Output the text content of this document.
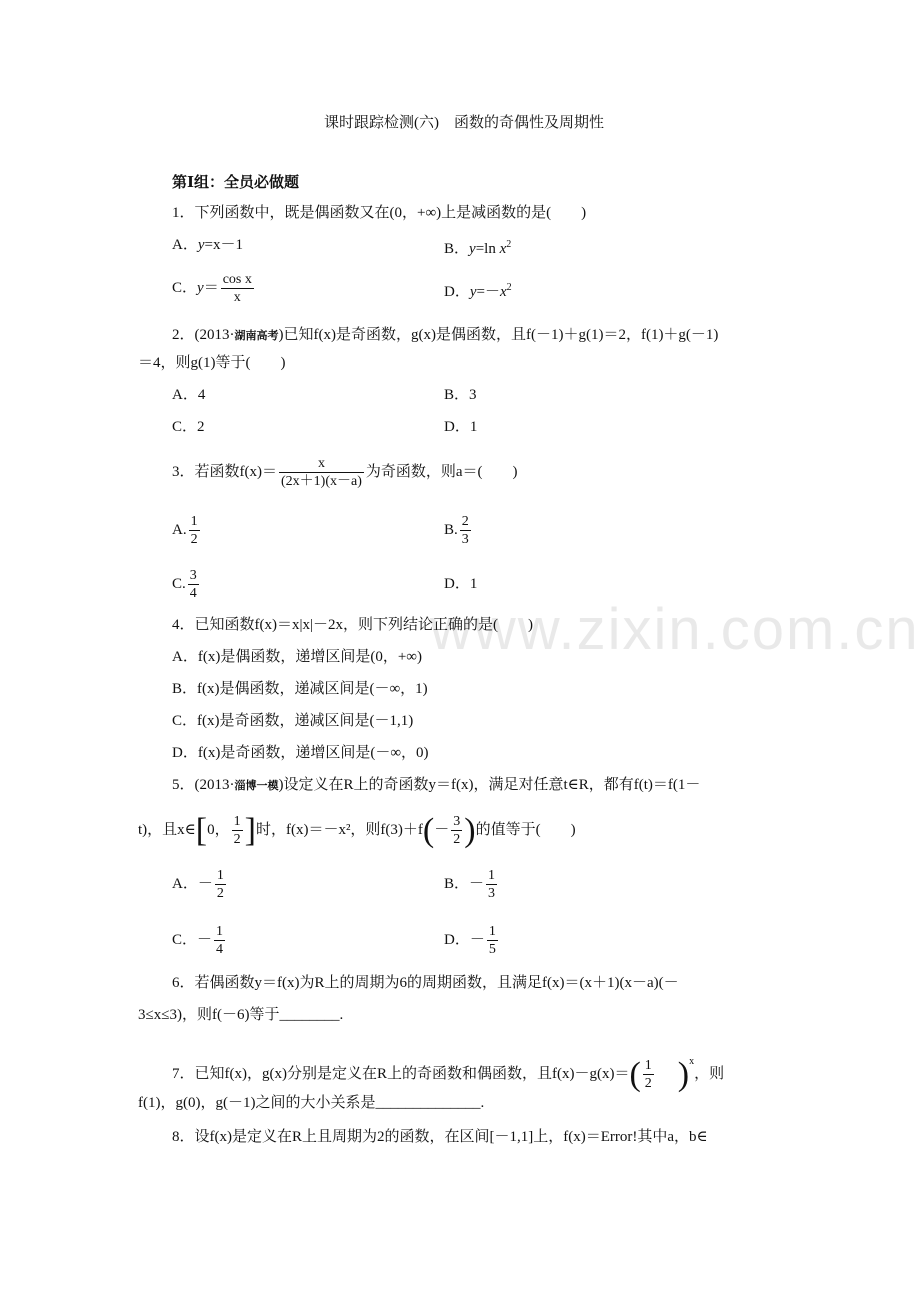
www.zixin.com.cn
课时跟踪检测(六)　函数的奇偶性及周期性
第Ⅰ组：全员必做题
1．下列函数中，既是偶函数又在(0，+∞)上是减函数的是(　　)
A．y=x－1	B．y=ln $x^2$
C．$y= \frac{\text{cos x}}{x}$	D．$y=-x^2$
2．(2013·湖南高考)已知f(x)是奇函数，g(x)是偶函数，且f(－1)＋g(1)＝2，f(1)＋g(－1)
＝4，则g(1)等于(　　)
A．4	B．3
C．2	D．1
3．若函数$f(x)= \frac{x}{(2x+1)(x-a)}$ 为奇函数，则a＝(　　)
A. $\frac{1}{2}$	B. $\frac{2}{3}$
C. $\frac{3}{4}$	D．1
4．已知函数f(x)＝x|x|－2x，则下列结论正确的是(　　)
A．f(x)是偶函数，递增区间是(0，+∞)
B．f(x)是偶函数，递减区间是(－∞，1)
C．f(x)是奇函数，递减区间是(－1,1)
D．f(x)是奇函数，递增区间是(－∞，0)
5．(2013·淄博一模)设定义在R上的奇函数y＝f(x)，满足对任意t∈R，都有f(t)＝f(1－
t)，且x∈[0， $\frac{1}{2}$ ]时，f(x)＝－x²，则$f(3)+f(- \frac{3}{2}$ )的值等于(　　)
A．－ $\frac{1}{2}$	B．－ $\frac{1}{3}$
C．－ $\frac{1}{4}$	D．－ $\frac{1}{5}$
6．若偶函数y＝f(x)为R上的周期为6的周期函数，且满足f(x)＝(x＋1)(x－a)(－
3≤x≤3)，则f(－6)等于________.
7．已知f(x)，g(x)分别是定义在R上的奇函数和偶函数，且$f(x)-g(x)=( \frac{1}{2} )^x$，则
f(1)，g(0)，g(－1)之间的大小关系是______________.
8．设f(x)是定义在R上且周期为2的函数，在区间[－1,1]上，f(x)＝Error!其中a，b∈
